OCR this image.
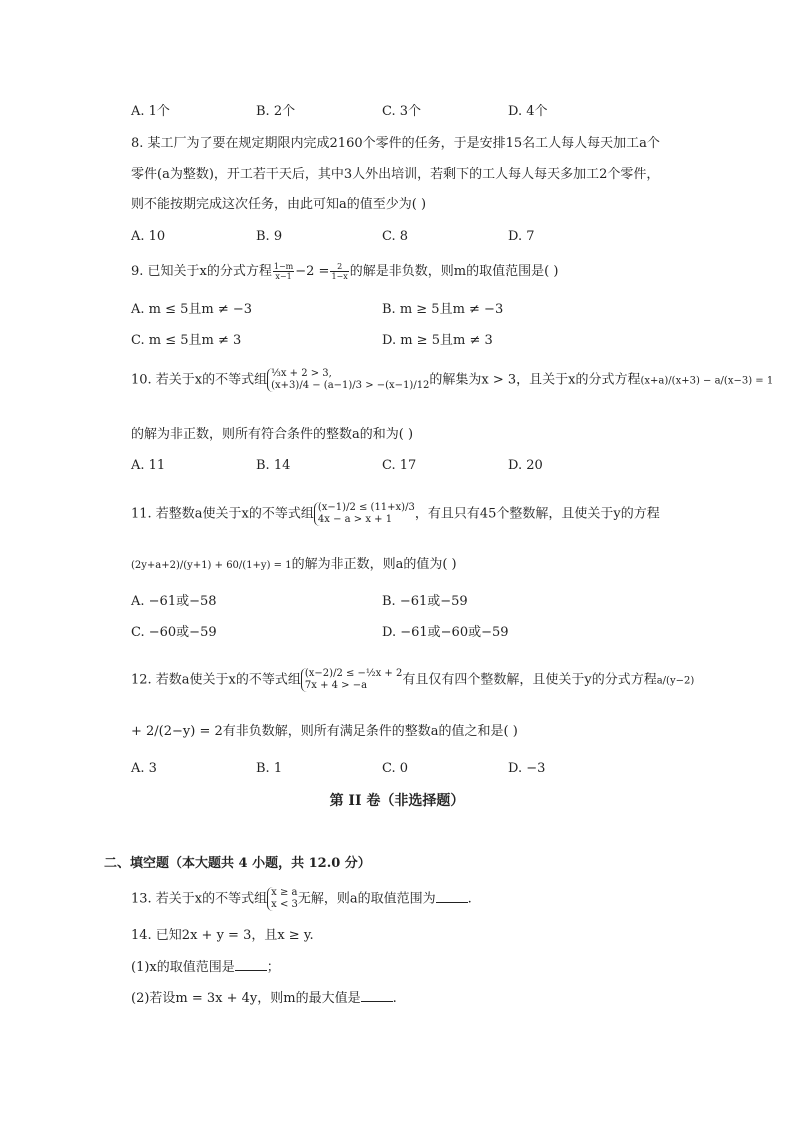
A. 1个	B. 2个	C. 3个	D. 4个
8. 某工厂为了要在规定期限内完成2160个零件的任务，于是安排15名工人每人每天加工a个
零件(a为整数)，开工若干天后，其中3人外出培训，若剩下的工人每人每天多加工2个零件，
则不能按期完成这次任务，由此可知a的值至少为( )
A. 10	B. 9	C. 8	D. 7
9. 已知关于x的分式方程 $\frac{1-m}{x-1} -2 = \frac{2}{1-x}$ 的解是非负数，则m的取值范围是( )
A. m ≤ 5且m ≠ −3	B. m ≥ 5且m ≠ −3
C. m ≤ 5且m ≠ 3	D. m ≥ 5且m ≠ 3
10. 若关于x的不等式组 ⅓x + 2 > 3,
(x+3)/4 − (a−1)/3 > −(x−1)/12 的解集为x > 3，且关于x的分式方程(x+a)/(x+3) − a/(x−3) = 1
的解为非正数，则所有符合条件的整数a的和为( )
A. 11	B. 14	C. 17	D. 20
11. 若整数a使关于x的不等式组 (x−1)/2 ≤ (11+x)/3
4x − a > x + 1	，有且只有45个整数解，且使关于y的方程
(2y+a+2)/(y+1) + 60/(1+y) = 1的解为非正数，则a的值为( )
A. −61或−58	B. −61或−59
C. −60或−59	D. −61或−60或−59
12. 若数a使关于x的不等式组 (x−2)/2 ≤ −½x + 2
7x + 4 > −a	有且仅有四个整数解，且使关于y的分式方程a/(y−2)
+ 2/(2−y) = 2有非负数解，则所有满足条件的整数a的值之和是( )
A. 3	B. 1	C. 0	D. −3
第 II 卷（非选择题）
二、填空题（本大题共 4 小题，共 12.0 分）
13. 若关于x的不等式组 x ≥ a
x < 3 无解，则a的取值范围为 .
14. 已知2x + y = 3，且x ≥ y.
(1)x的取值范围是 ；
(2)若设m = 3x + 4y，则m的最大值是 .
